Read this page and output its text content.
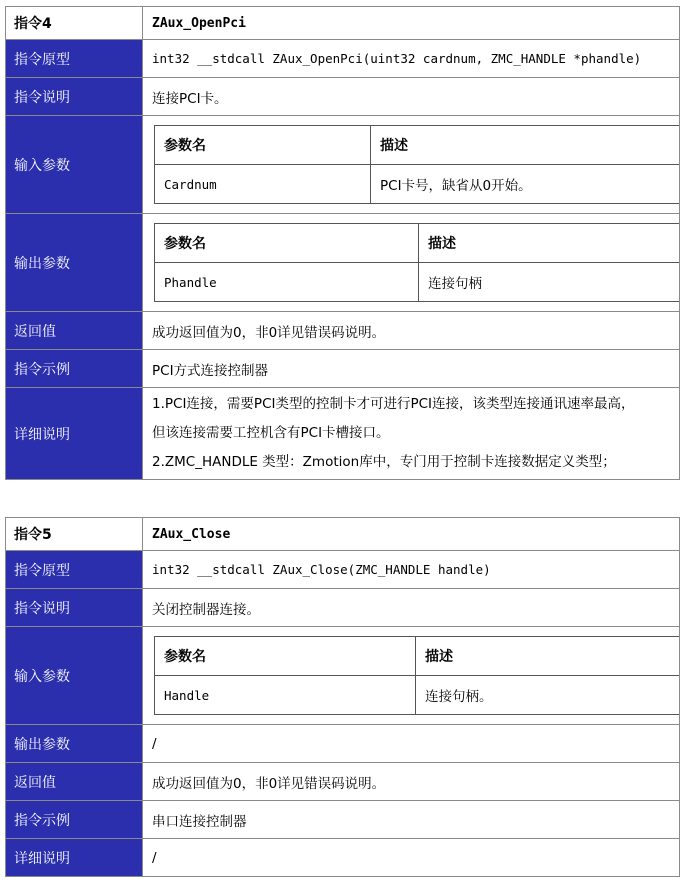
指令4	ZAux_OpenPci
指令原型	int32 __stdcall ZAux_OpenPci(uint32 cardnum, ZMC_HANDLE *phandle)
指令说明	连接PCI卡。
输入参数	
参数名	描述
Cardnum	PCI卡号，缺省从0开始。

输出参数	
参数名	描述
Phandle	连接句柄

返回值	成功返回值为0，非0详见错误码说明。
指令示例	PCI方式连接控制器
详细说明	
1.PCI连接，需要PCI类型的控制卡才可进行PCI连接，该类型连接通讯速率最高，
但该连接需要工控机含有PCI卡槽接口。
2.ZMC_HANDLE 类型：Zmotion库中，专门用于控制卡连接数据定义类型；
指令5	ZAux_Close
指令原型	int32 __stdcall ZAux_Close(ZMC_HANDLE handle)
指令说明	关闭控制器连接。
输入参数	
参数名	描述
Handle	连接句柄。

输出参数	/
返回值	成功返回值为0，非0详见错误码说明。
指令示例	串口连接控制器
详细说明	/
